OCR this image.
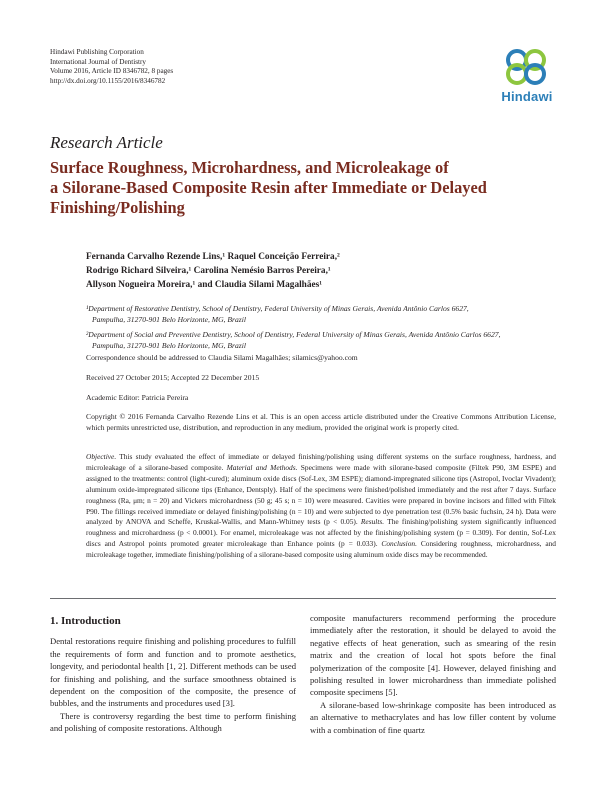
Hindawi Publishing Corporation
International Journal of Dentistry
Volume 2016, Article ID 8346782, 8 pages
http://dx.doi.org/10.1155/2016/8346782
Hindawi
Research Article
Surface Roughness, Microhardness, and Microleakage of
a Silorane-Based Composite Resin after Immediate or Delayed
Finishing/Polishing
Fernanda Carvalho Rezende Lins,¹ Raquel Conceição Ferreira,²
Rodrigo Richard Silveira,¹ Carolina Nemésio Barros Pereira,¹
Allyson Nogueira Moreira,¹ and Claudia Silami Magalhães¹
¹Department of Restorative Dentistry, School of Dentistry, Federal University of Minas Gerais, Avenida Antônio Carlos 6627,
Pampulha, 31270-901 Belo Horizonte, MG, Brazil
²Department of Social and Preventive Dentistry, School of Dentistry, Federal University of Minas Gerais, Avenida Antônio Carlos 6627,
Pampulha, 31270-901 Belo Horizonte, MG, Brazil
Correspondence should be addressed to Claudia Silami Magalhães; silamics@yahoo.com
Received 27 October 2015; Accepted 22 December 2015
Academic Editor: Patricia Pereira
Copyright © 2016 Fernanda Carvalho Rezende Lins et al. This is an open access article distributed under the Creative Commons Attribution License, which permits unrestricted use, distribution, and reproduction in any medium, provided the original work is properly cited.
Objective. This study evaluated the effect of immediate or delayed finishing/polishing using different systems on the surface roughness, hardness, and microleakage of a silorane-based composite. Material and Methods. Specimens were made with silorane-based composite (Filtek P90, 3M ESPE) and assigned to the treatments: control (light-cured); aluminum oxide discs (Sof-Lex, 3M ESPE); diamond-impregnated silicone tips (Astropol, Ivoclar Vivadent); aluminum oxide-impregnated silicone tips (Enhance, Dentsply). Half of the specimens were finished/polished immediately and the rest after 7 days. Surface roughness (Ra, μm; n = 20) and Vickers microhardness (50 g; 45 s; n = 10) were measured. Cavities were prepared in bovine incisors and filled with Filtek P90. The fillings received immediate or delayed finishing/polishing (n = 10) and were subjected to dye penetration test (0.5% basic fuchsin, 24 h). Data were analyzed by ANOVA and Scheffe, Kruskal-Wallis, and Mann-Whitney tests (p < 0.05). Results. The finishing/polishing system significantly influenced roughness and microhardness (p < 0.0001). For enamel, microleakage was not affected by the finishing/polishing system (p = 0.309). For dentin, Sof-Lex discs and Astropol points promoted greater microleakage than Enhance points (p = 0.033). Conclusion. Considering roughness, microhardness, and microleakage together, immediate finishing/polishing of a silorane-based composite using aluminum oxide discs may be recommended.
1. Introduction

Dental restorations require finishing and polishing procedures to fulfill the requirements of form and function and to promote aesthetics, longevity, and periodontal health [1, 2]. Different methods can be used for finishing and polishing, and the surface smoothness obtained is dependent on the composition of the composite, the presence of bubbles, and the instruments and procedures used [3].

There is controversy regarding the best time to perform finishing and polishing of composite restorations. Although

composite manufacturers recommend performing the procedure immediately after the restoration, it should be delayed to avoid the negative effects of heat generation, such as smearing of the resin matrix and the creation of local hot spots before the final polymerization of the composite [4]. However, delayed finishing and polishing resulted in lower microhardness than immediate polished composite specimens [5].

A silorane-based low-shrinkage composite has been introduced as an alternative to methacrylates and has low filler content by volume with a combination of fine quartz
